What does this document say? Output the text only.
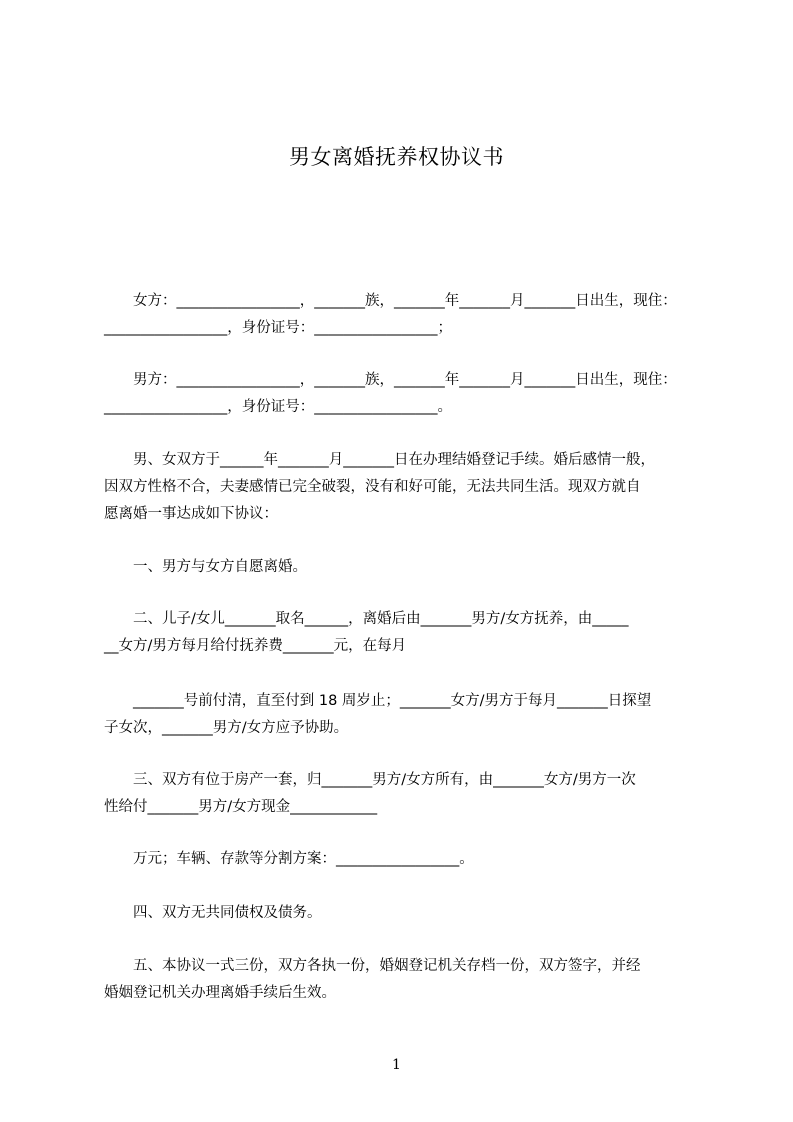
男女离婚抚养权协议书
　　女方：_________________，_______族，_______年_______月_______日出生，现住：
_________________，身份证号：_________________；
　　男方：_________________，_______族，_______年_______月_______日出生，现住：
_________________，身份证号：_________________。
　　男、女双方于______年_______月_______日在办理结婚登记手续。婚后感情一般，
因双方性格不合，夫妻感情已完全破裂，没有和好可能，无法共同生活。现双方就自
愿离婚一事达成如下协议：
　　一、男方与女方自愿离婚。
　　二、儿子/女儿_______取名______，离婚后由_______男方/女方抚养，由_____
__女方/男方每月给付抚养费_______元，在每月
　　_______号前付清，直至付到 18 周岁止；_______女方/男方于每月_______日探望
子女次，_______男方/女方应予协助。
　　三、双方有位于房产一套，归_______男方/女方所有，由_______女方/男方一次
性给付_______男方/女方现金____________
　　万元；车辆、存款等分割方案：_________________。
　　四、双方无共同债权及债务。
　　五、本协议一式三份，双方各执一份，婚姻登记机关存档一份，双方签字，并经
婚姻登记机关办理离婚手续后生效。
1
